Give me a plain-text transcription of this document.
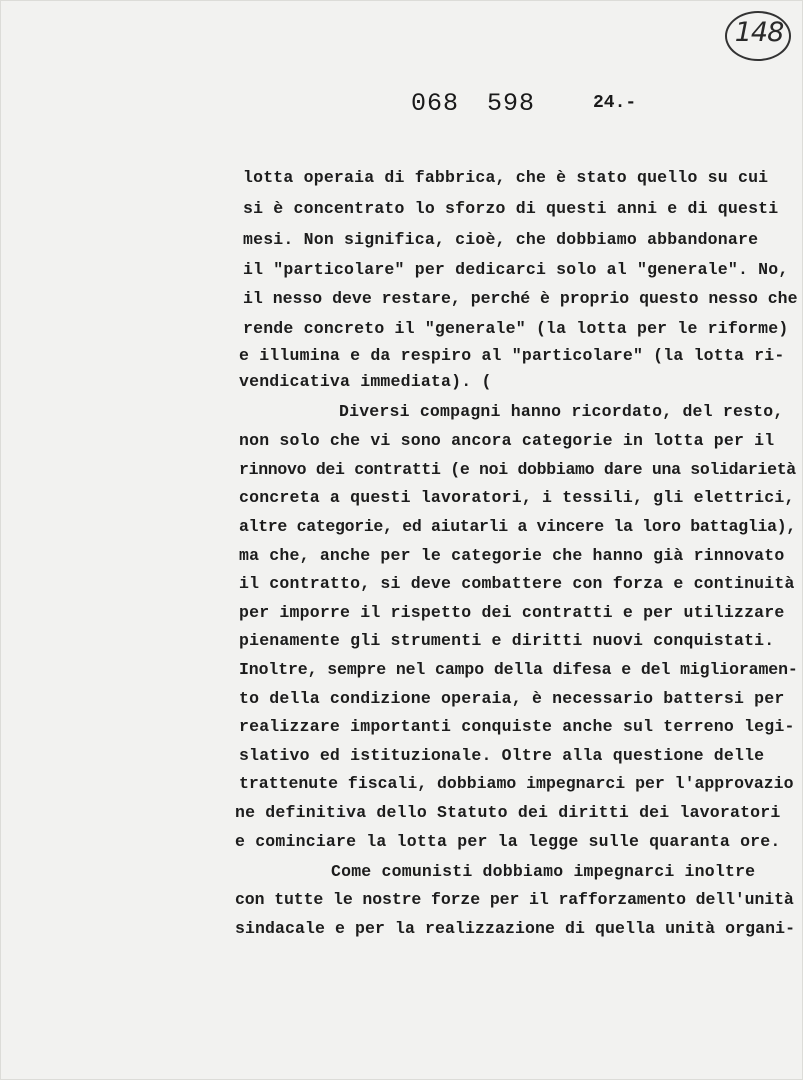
148
068 598	24.-
lotta operaia di fabbrica, che è stato quello su cui
si è concentrato lo sforzo di questi anni e di questi
mesi. Non significa, cioè, che dobbiamo abbandonare
il "particolare" per dedicarci solo al "generale". No,
il nesso deve restare, perché è proprio questo nesso che
rende concreto il "generale" (la lotta per le riforme)
e illumina e da respiro al "particolare" (la lotta ri-
vendicativa immediata). (
Diversi compagni hanno ricordato, del resto,
non solo che vi sono ancora categorie in lotta per il
rinnovo dei contratti (e noi dobbiamo dare una solidarietà
concreta a questi lavoratori, i tessili, gli elettrici,
altre categorie, ed aiutarli a vincere la loro battaglia),
ma che, anche per le categorie che hanno già rinnovato
il contratto, si deve combattere con forza e continuità
per imporre il rispetto dei contratti e per utilizzare
pienamente gli strumenti e diritti nuovi conquistati.
Inoltre, sempre nel campo della difesa e del miglioramen-
to della condizione operaia, è necessario battersi per
realizzare importanti conquiste anche sul terreno legi-
slativo ed istituzionale. Oltre alla questione delle
trattenute fiscali, dobbiamo impegnarci per l'approvazio
ne definitiva dello Statuto dei diritti dei lavoratori
e cominciare la lotta per la legge sulle quaranta ore.
Come comunisti dobbiamo impegnarci inoltre
con tutte le nostre forze per il rafforzamento dell'unità
sindacale e per la realizzazione di quella unità organi-
